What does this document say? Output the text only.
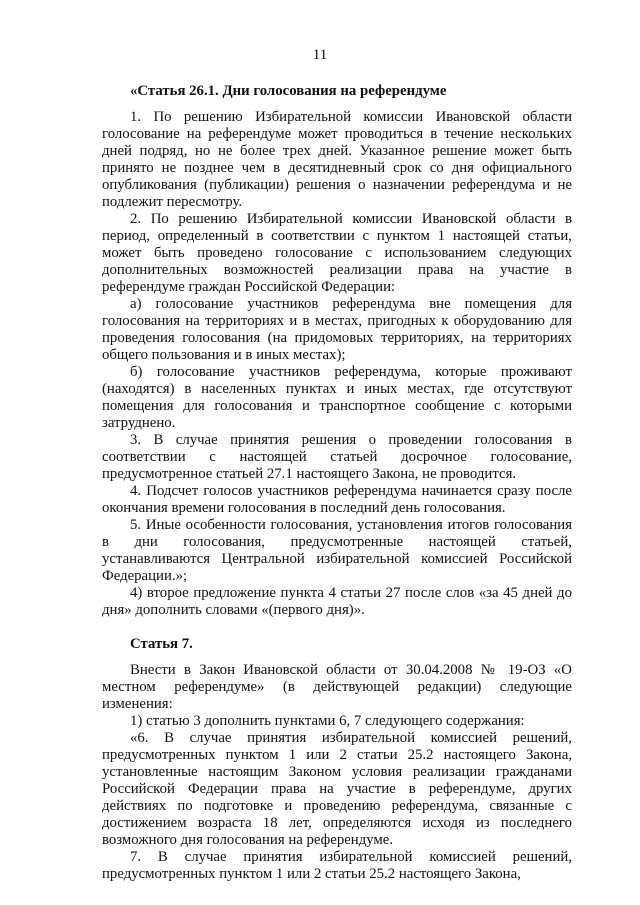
11

«Статья 26.1. Дни голосования на референдуме

1. По решению Избирательной комиссии Ивановской области голосование на референдуме может проводиться в течение нескольких дней подряд, но не более трех дней. Указанное решение может быть принято не позднее чем в десятидневный срок со дня официального опубликования (публикации) решения о назначении референдума и не подлежит пересмотру.

2. По решению Избирательной комиссии Ивановской области в период, определенный в соответствии с пунктом 1 настоящей статьи, может быть проведено голосование с использованием следующих дополнительных возможностей реализации права на участие в референдуме граждан Российской Федерации:

а) голосование участников референдума вне помещения для голосования на территориях и в местах, пригодных к оборудованию для проведения голосования (на придомовых территориях, на территориях общего пользования и в иных местах);

б) голосование участников референдума, которые проживают (находятся) в населенных пунктах и иных местах, где отсутствуют помещения для голосования и транспортное сообщение с которыми затруднено.

3. В случае принятия решения о проведении голосования в соответствии с настоящей статьей досрочное голосование, предусмотренное статьей 27.1 настоящего Закона, не проводится.

4. Подсчет голосов участников референдума начинается сразу после окончания времени голосования в последний день голосования.

5. Иные особенности голосования, установления итогов голосования в дни голосования, предусмотренные настоящей статьей, устанавливаются Центральной избирательной комиссией Российской Федерации.»;

4) второе предложение пункта 4 статьи 27 после слов «за 45 дней до дня» дополнить словами «(первого дня)».

Статья 7.

Внести в Закон Ивановской области от 30.04.2008 № 19-ОЗ «О местном референдуме» (в действующей редакции) следующие изменения:

1) статью 3 дополнить пунктами 6, 7 следующего содержания:

«6. В случае принятия избирательной комиссией решений, предусмотренных пунктом 1 или 2 статьи 25.2 настоящего Закона, установленные настоящим Законом условия реализации гражданами Российской Федерации права на участие в референдуме, других действиях по подготовке и проведению референдума, связанные с достижением возраста 18 лет, определяются исходя из последнего возможного дня голосования на референдуме.

7. В случае принятия избирательной комиссией решений, предусмотренных пунктом 1 или 2 статьи 25.2 настоящего Закона,
